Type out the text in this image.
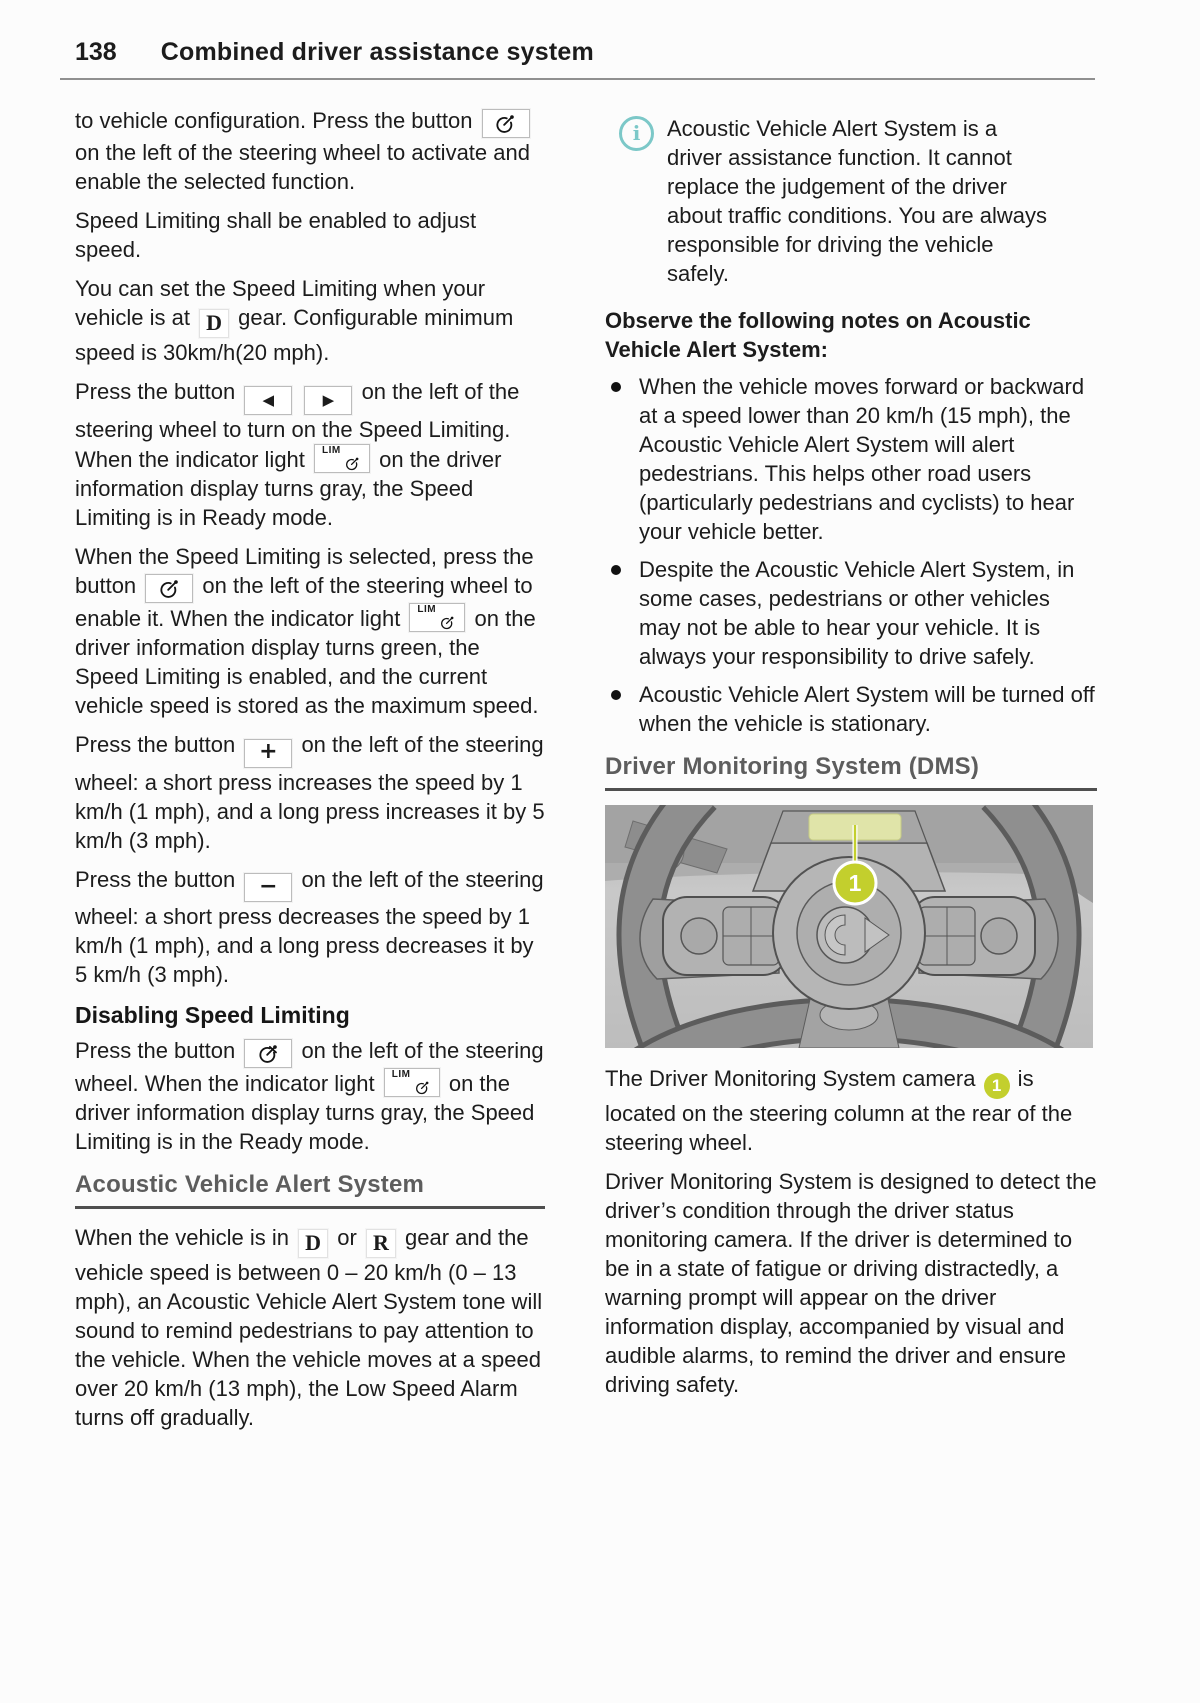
138 Combined driver assistance system

to vehicle configuration. Press the button
on the left of the steering wheel to activate and enable the selected function.

Speed Limiting shall be enabled to adjust speed.

You can set the Speed Limiting when your vehicle is at D gear. Configurable minimum speed is 30km/h(20 mph).

Press the button ◀
	▶ on the left of the steering wheel to turn on the Speed Limiting. When the indicator light LIM on the driver information display turns gray, the Speed Limiting is in Ready mode.

When the Speed Limiting is selected, press the button
on the left of the steering wheel to enable it. When the indicator light LIM on the driver information display turns green, the Speed Limiting is enabled, and the current vehicle speed is stored as the maximum speed.

Press the button + on the left of the steering wheel: a short press increases the speed by 1 km/h (1 mph), and a long press increases it by 5 km/h (3 mph).

Press the button − on the left of the steering wheel: a short press decreases the speed by 1 km/h (1 mph), and a long press decreases it by 5 km/h (3 mph).

Disabling Speed Limiting

Press the button
on the left of the steering wheel. When the indicator light LIM on the driver information display turns gray, the Speed Limiting is in the Ready mode.

Acoustic Vehicle Alert System

When the vehicle is in D or R gear and the vehicle speed is between 0 – 20 km/h (0 – 13 mph), an Acoustic Vehicle Alert System tone will sound to remind pedestrians to pay attention to the vehicle. When the vehicle moves at a speed over 20 km/h (13 mph), the Low Speed Alarm turns off gradually.

i	Acoustic Vehicle Alert System is a driver assistance function. It cannot replace the judgement of the driver about traffic conditions. You are always responsible for driving the vehicle safely.

Observe the following notes on Acoustic Vehicle Alert System:

When the vehicle moves forward or backward at a speed lower than 20 km/h (15 mph), the Acoustic Vehicle Alert System will alert pedestrians. This helps other road users (particularly pedestrians and cyclists) to hear your vehicle better.
Despite the Acoustic Vehicle Alert System, in some cases, pedestrians or other vehicles may not be able to hear your vehicle. It is always your responsibility to drive safely.
Acoustic Vehicle Alert System will be turned off when the vehicle is stationary.
Driver Monitoring System (DMS)
1

The Driver Monitoring System camera 1 is located on the steering column at the rear of the steering wheel.

Driver Monitoring System is designed to detect the driver’s condition through the driver status monitoring camera. If the driver is determined to be in a state of fatigue or driving distractedly, a warning prompt will appear on the driver information display, accompanied by visual and audible alarms, to remind the driver and ensure driving safety.
